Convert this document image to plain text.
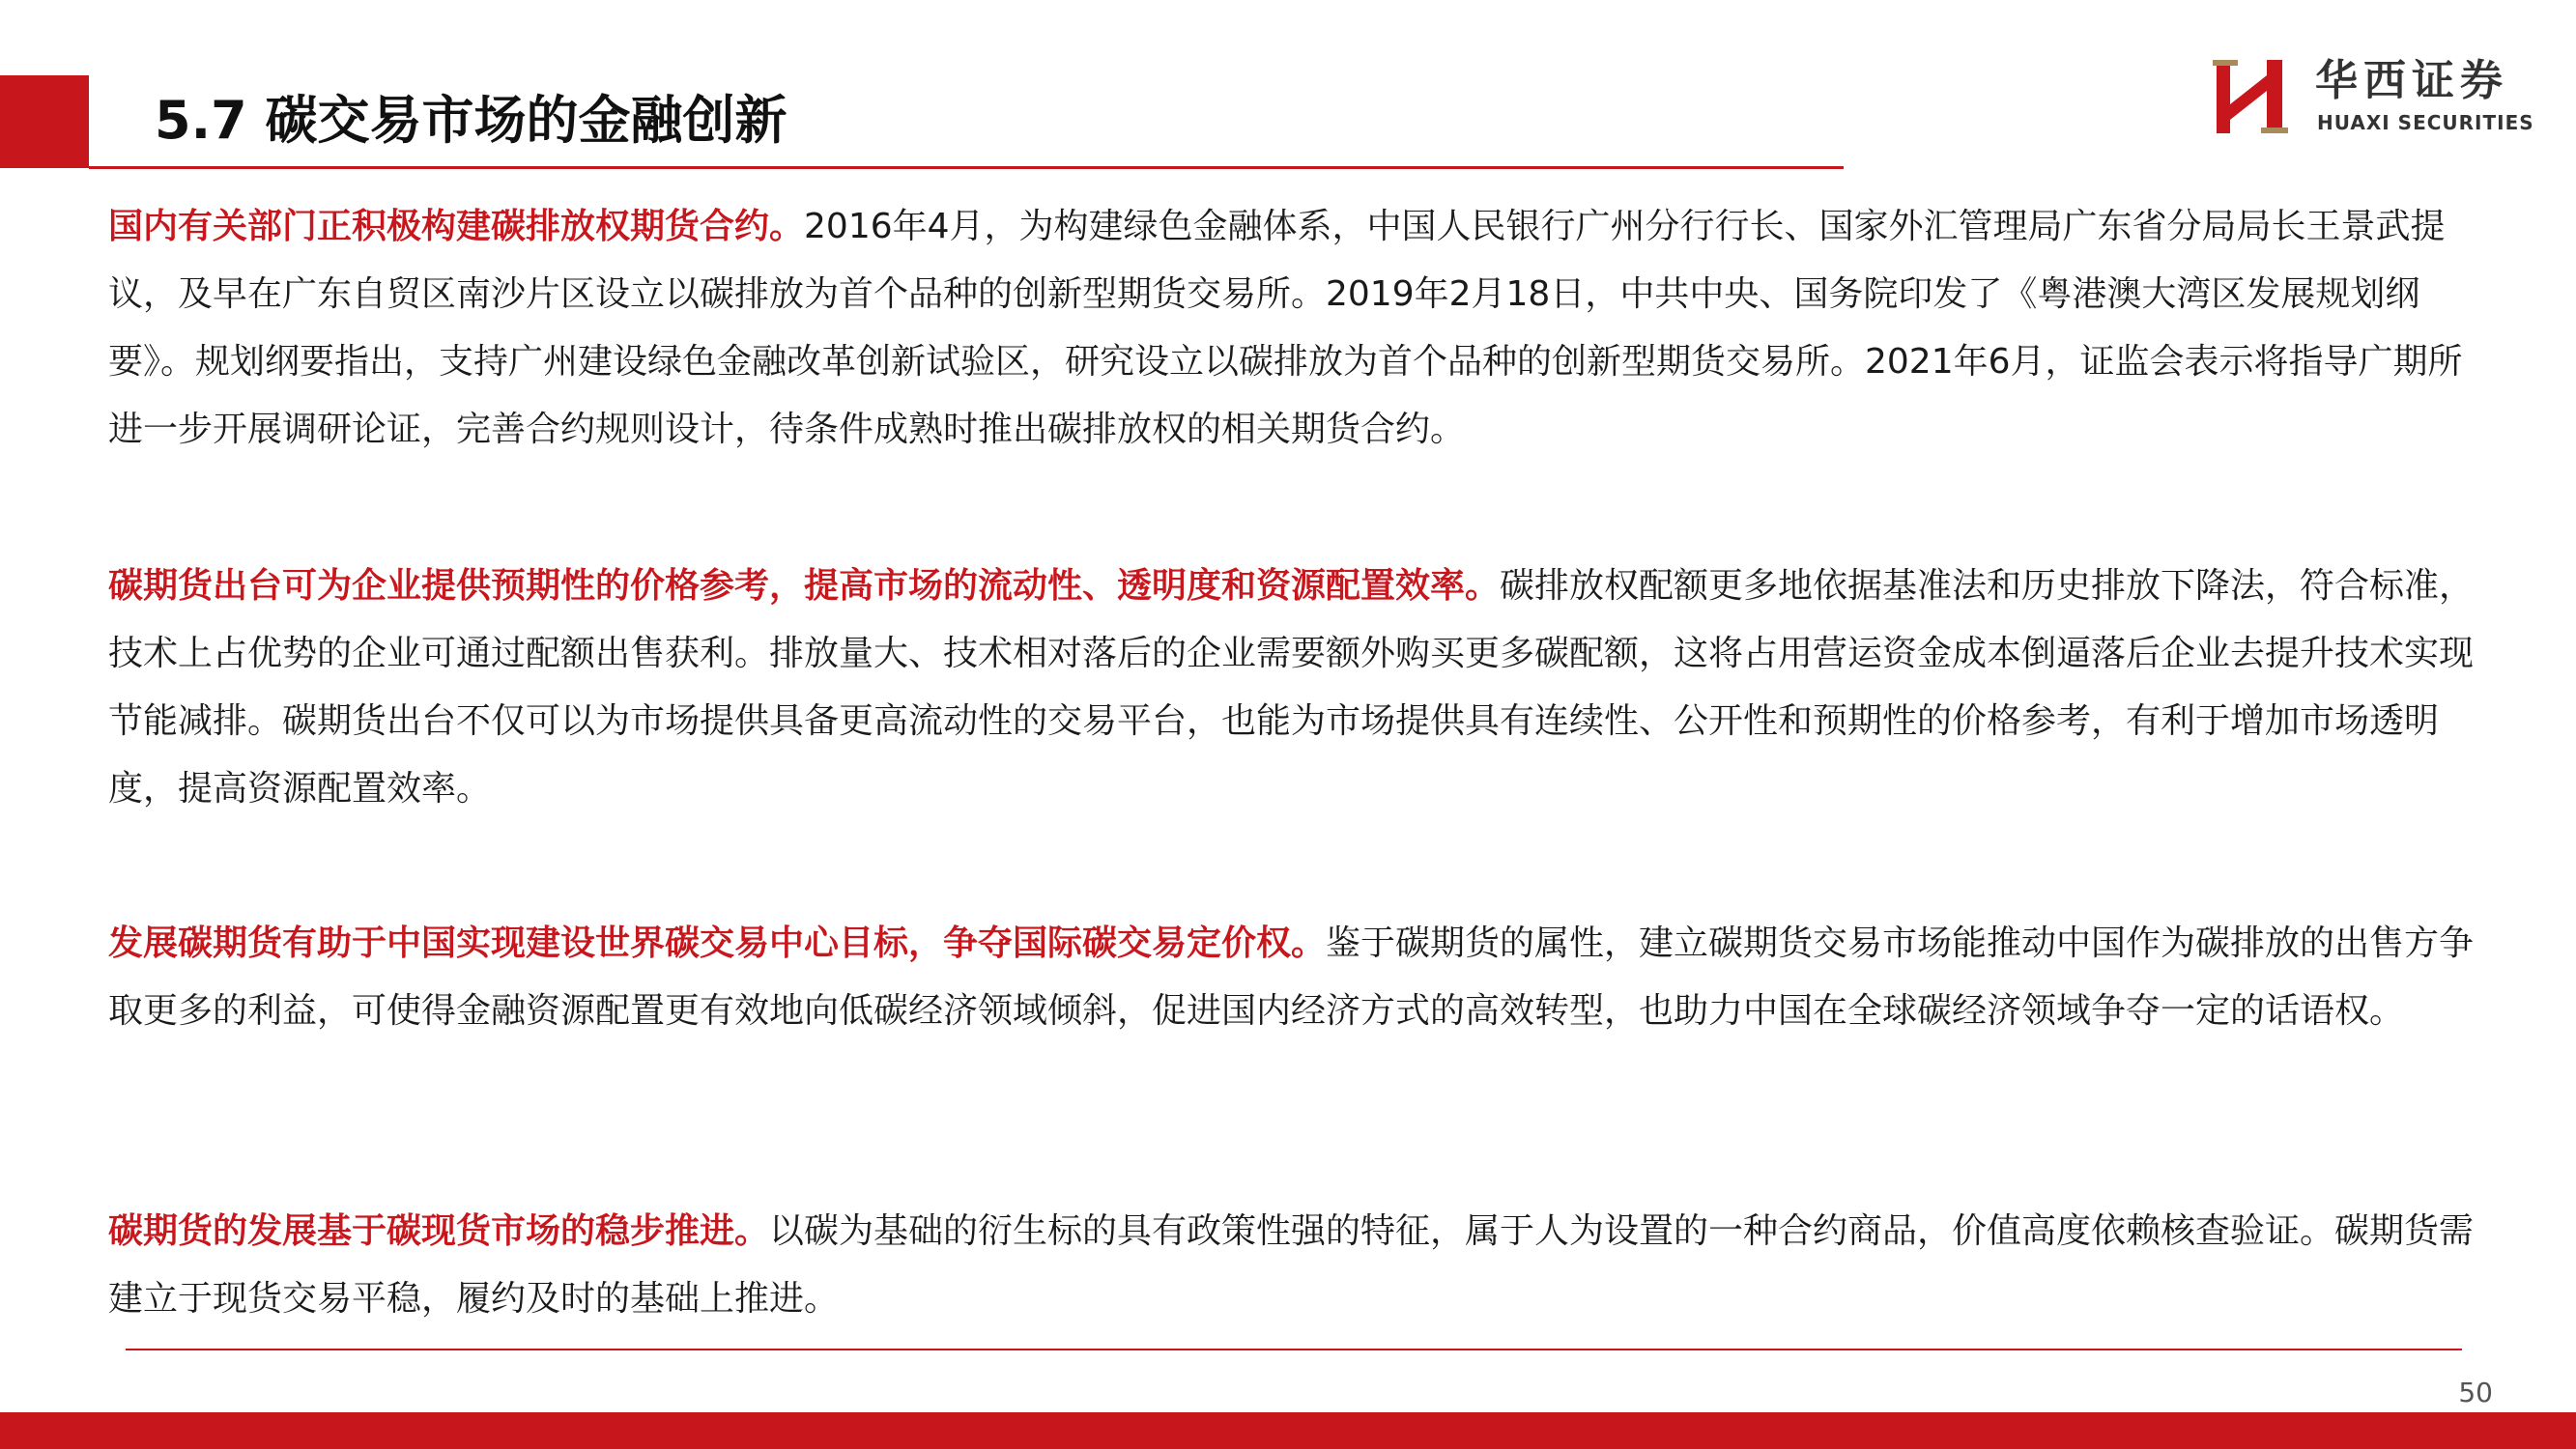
5.7 碳交易市场的金融创新
华西证券
HUAXI SECURITIES

国内有关部门正积极构建碳排放权期货合约。2016年4月，为构建绿色金融体系，中国人民银行广州分行行长、国家外汇管理局广东省分局局长王景武提议，及早在广东自贸区南沙片区设立以碳排放为首个品种的创新型期货交易所。2019年2月18日，中共中央、国务院印发了《粤港澳大湾区发展规划纲要》。规划纲要指出，支持广州建设绿色金融改革创新试验区，研究设立以碳排放为首个品种的创新型期货交易所。2021年6月，证监会表示将指导广期所进一步开展调研论证，完善合约规则设计，待条件成熟时推出碳排放权的相关期货合约。

碳期货出台可为企业提供预期性的价格参考，提高市场的流动性、透明度和资源配置效率。碳排放权配额更多地依据基准法和历史排放下降法，符合标准，技术上占优势的企业可通过配额出售获利。排放量大、技术相对落后的企业需要额外购买更多碳配额，这将占用营运资金成本倒逼落后企业去提升技术实现节能减排。碳期货出台不仅可以为市场提供具备更高流动性的交易平台，也能为市场提供具有连续性、公开性和预期性的价格参考，有利于增加市场透明度，提高资源配置效率。

发展碳期货有助于中国实现建设世界碳交易中心目标，争夺国际碳交易定价权。鉴于碳期货的属性，建立碳期货交易市场能推动中国作为碳排放的出售方争取更多的利益，可使得金融资源配置更有效地向低碳经济领域倾斜，促进国内经济方式的高效转型，也助力中国在全球碳经济领域争夺一定的话语权。

碳期货的发展基于碳现货市场的稳步推进。以碳为基础的衍生标的具有政策性强的特征，属于人为设置的一种合约商品，价值高度依赖核查验证。碳期货需建立于现货交易平稳，履约及时的基础上推进。

50
